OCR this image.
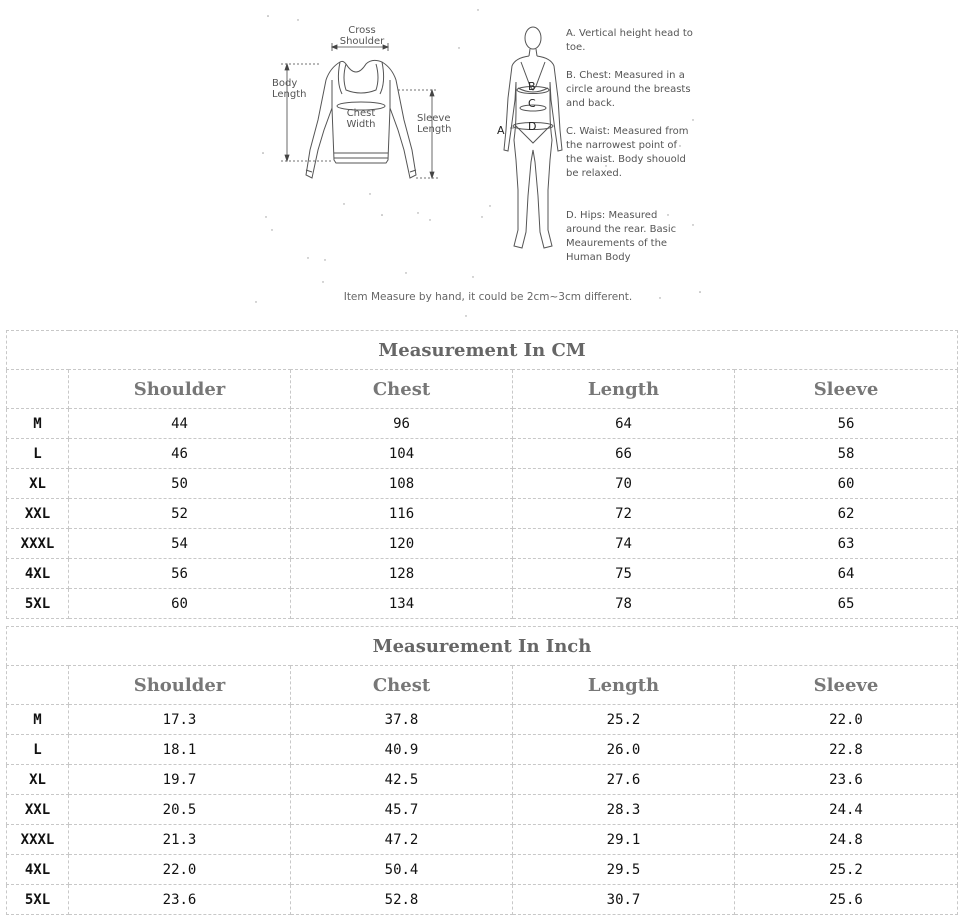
Cross
Shoulder
Body
Length
Chest
Width
Sleeve
Length	A
B
C
D
A. Vertical height head to toe.
B. Chest: Measured in a circle around the breasts and back.
C. Waist: Measured from the narrowest point of the waist. Body shouold be relaxed.
D. Hips: Measured around the rear. Basic Meaurements of the Human Body
Item Measure by hand, it could be 2cm~3cm different.
Measurement In CM				
	Shoulder	Chest	Length	Sleeve
M	44	96	64	56
L	46	104	66	58
XL	50	108	70	60
XXL	52	116	72	62
XXXL	54	120	74	63
4XL	56	128	75	64
5XL	60	134	78	65
Measurement In Inch				
	Shoulder	Chest	Length	Sleeve
M	17.3	37.8	25.2	22.0
L	18.1	40.9	26.0	22.8
XL	19.7	42.5	27.6	23.6
XXL	20.5	45.7	28.3	24.4
XXXL	21.3	47.2	29.1	24.8
4XL	22.0	50.4	29.5	25.2
5XL	23.6	52.8	30.7	25.6
